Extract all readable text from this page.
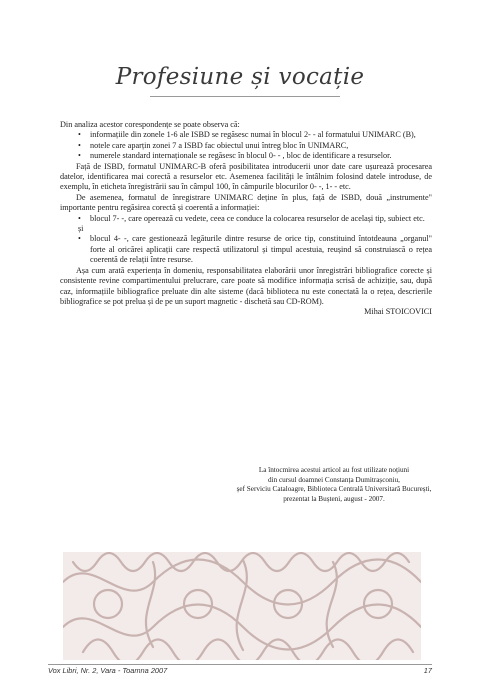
Profesiune și vocație

Din analiza acestor corespondențe se poate observa că:

• informațiile din zonele 1-6 ale ISBD se regăsesc numai în blocul 2- - al formatului UNIMARC (B),
• notele care aparțin zonei 7 a ISBD fac obiectul unui întreg bloc în UNIMARC,
• numerele standard internaționale se regăsesc în blocul 0- - , bloc de identificare a resurselor.

Față de ISBD, formatul UNIMARC-B oferă posibilitatea introducerii unor date care ușurează procesarea datelor, identificarea mai corectă a resurselor etc. Asemenea facilități le întâlnim folosind datele introduse, de exemplu, în eticheta înregistrării sau în câmpul 100, în câmpurile blocurilor 0- -, 1- - etc.

De asemenea, formatul de înregistrare UNIMARC deține în plus, față de ISBD, două „instrumente" importante pentru regăsirea corectă și coerentă a informației:

• blocul 7- -, care operează cu vedete, ceea ce conduce la colocarea resurselor de același tip, subiect etc.

și

• blocul 4- -, care gestionează legăturile dintre resurse de orice tip, constituind întotdeauna „organul" forte al oricărei aplicații care respectă utilizatorul și timpul acestuia, reușind să construiască o rețea coerentă de relații între resurse.

Așa cum arată experiența în domeniu, responsabilitatea elaborării unor înregistrări bibliografice corecte și consistente revine compartimentului prelucrare, care poate să modifice informația scrisă de achiziție, sau, după caz, informațiile bibliografice preluate din alte sisteme (dacă biblioteca nu este conectată la o rețea, descrierile bibliografice se pot prelua și de pe un suport magnetic - dischetă sau CD-ROM).

Mihai STOICOVICI

La întocmirea acestui articol au fost utilizate noțiuni
din cursul doamnei Constanța Dumitrașconiu,
șef Serviciu Cataloagre, Biblioteca Centrală Universitară București,
prezentat la Bușteni, august - 2007.
Vox Libri, Nr. 2, Vara - Toamna 2007	17
